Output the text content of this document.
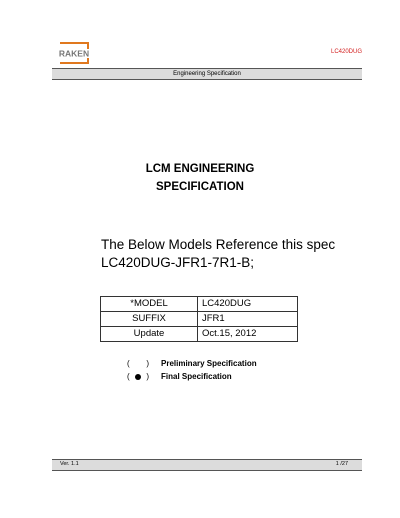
RAKEN	LC420DUG
Engineering Specification
LCM ENGINEERING
SPECIFICATION
The Below Models Reference this spec
LC420DUG-JFR1-7R1-B;
*MODEL	LC420DUG
SUFFIX	JFR1
Update	Oct.15, 2012
( ) Preliminary Specification
( ) Final Specification
Ver. 1.1	1 /27
